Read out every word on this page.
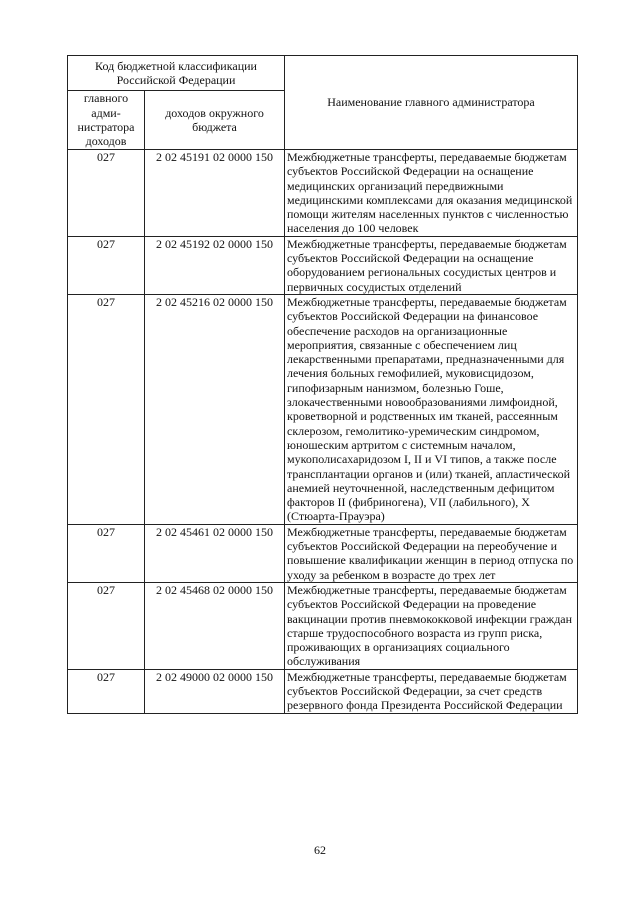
Код бюджетной классификации Российской Федерации		Наименование главного администратора
главного адми-нистратора доходов	доходов окружного бюджета	
027	2 02 45191 02 0000 150	Межбюджетные трансферты, передаваемые бюджетам субъектов Российской Федерации на оснащение медицинских организаций передвижными медицинскими комплексами для оказания медицинской помощи жителям населенных пунктов с численностью населения до 100 человек
027	2 02 45192 02 0000 150	Межбюджетные трансферты, передаваемые бюджетам субъектов Российской Федерации на оснащение оборудованием региональных сосудистых центров и первичных сосудистых отделений
027	2 02 45216 02 0000 150	Межбюджетные трансферты, передаваемые бюджетам субъектов Российской Федерации на финансовое обеспечение расходов на организационные мероприятия, связанные с обеспечением лиц лекарственными препаратами, предназначенными для лечения больных гемофилией, муковисцидозом, гипофизарным нанизмом, болезнью Гоше, злокачественными новообразованиями лимфоидной, кроветворной и родственных им тканей, рассеянным склерозом, гемолитико-уремическим синдромом, юношеским артритом с системным началом, мукополисахаридозом I, II и VI типов, а также после трансплантации органов и (или) тканей, апластической анемией неуточненной, наследственным дефицитом факторов II (фибриногена), VII (лабильного), X (Стюарта-Прауэра)
027	2 02 45461 02 0000 150	Межбюджетные трансферты, передаваемые бюджетам субъектов Российской Федерации на переобучение и повышение квалификации женщин в период отпуска по уходу за ребенком в возрасте до трех лет
027	2 02 45468 02 0000 150	Межбюджетные трансферты, передаваемые бюджетам субъектов Российской Федерации на проведение вакцинации против пневмококковой инфекции граждан старше трудоспособного возраста из групп риска, проживающих в организациях социального обслуживания
027	2 02 49000 02 0000 150	Межбюджетные трансферты, передаваемые бюджетам субъектов Российской Федерации, за счет средств резервного фонда Президента Российской Федерации
62
